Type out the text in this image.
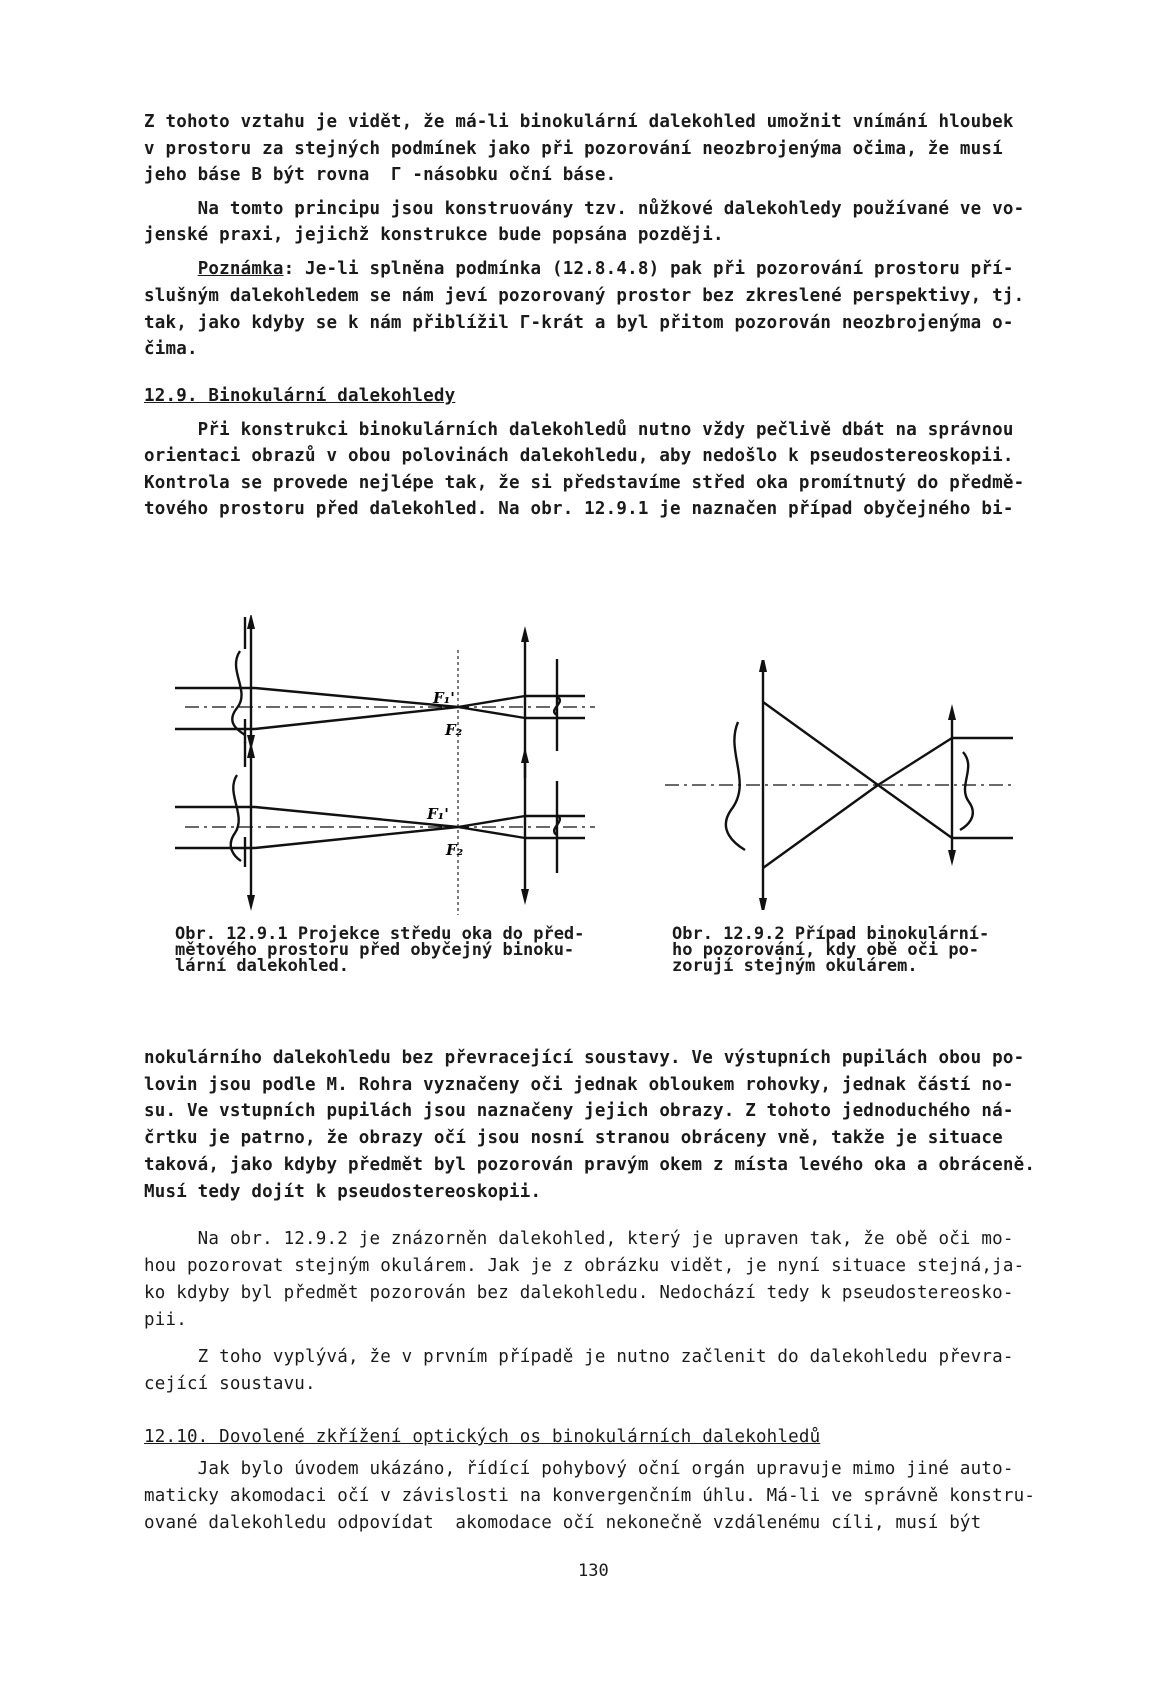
Z tohoto vztahu je vidět, že má-li binokulární dalekohled umožnit vnímání hloubek
v prostoru za stejných podmínek jako při pozorování neozbrojenýma očima, že musí
jeho báse B být rovna  Γ -násobku oční báse.
Na tomto principu jsou konstruovány tzv. nůžkové dalekohledy používané ve vo-
jenské praxi, jejichž konstrukce bude popsána později.
Poznámka: Je-li splněna podmínka (12.8.4.8) pak při pozorování prostoru pří-
slušným dalekohledem se nám jeví pozorovaný prostor bez zkreslené perspektivy, tj.
tak, jako kdyby se k nám přiblížil Γ-krát a byl přitom pozorován neozbrojenýma o-
čima.
12.9. Binokulární dalekohledy
Při konstrukci binokulárních dalekohledů nutno vždy pečlivě dbát na správnou
orientaci obrazů v obou polovinách dalekohledu, aby nedošlo k pseudostereoskopii.
Kontrola se provede nejlépe tak, že si představíme střed oka promítnutý do předmě-
tového prostoru před dalekohled. Na obr. 12.9.1 je naznačen případ obyčejného bi-
F₁'
F₂
F₁'
F₂
Obr. 12.9.1 Projekce středu oka do před-
mětového prostoru před obyčejný binoku-
lární dalekohled.
Obr. 12.9.2 Případ binokulární-
ho pozorování, kdy obě oči po-
zorují stejným okulárem.
nokulárního dalekohledu bez převracející soustavy. Ve výstupních pupilách obou po-
lovin jsou podle M. Rohra vyznačeny oči jednak obloukem rohovky, jednak částí no-
su. Ve vstupních pupilách jsou naznačeny jejich obrazy. Z tohoto jednoduchého ná-
črtku je patrno, že obrazy očí jsou nosní stranou obráceny vně, takže je situace
taková, jako kdyby předmět byl pozorován pravým okem z místa levého oka a obráceně.
Musí tedy dojít k pseudostereoskopii.
Na obr. 12.9.2 je znázorněn dalekohled, který je upraven tak, že obě oči mo-
hou pozorovat stejným okulárem. Jak je z obrázku vidět, je nyní situace stejná,ja-
ko kdyby byl předmět pozorován bez dalekohledu. Nedochází tedy k pseudostereosko-
pii.
Z toho vyplývá, že v prvním případě je nutno začlenit do dalekohledu převra-
cející soustavu.
12.10. Dovolené zkřížení optických os binokulárních dalekohledů
Jak bylo úvodem ukázáno, řídící pohybový oční orgán upravuje mimo jiné auto-
maticky akomodaci očí v závislosti na konvergenčním úhlu. Má-li ve správně konstru-
ované dalekohledu odpovídat  akomodace očí nekonečně vzdálenému cíli, musí být
130
